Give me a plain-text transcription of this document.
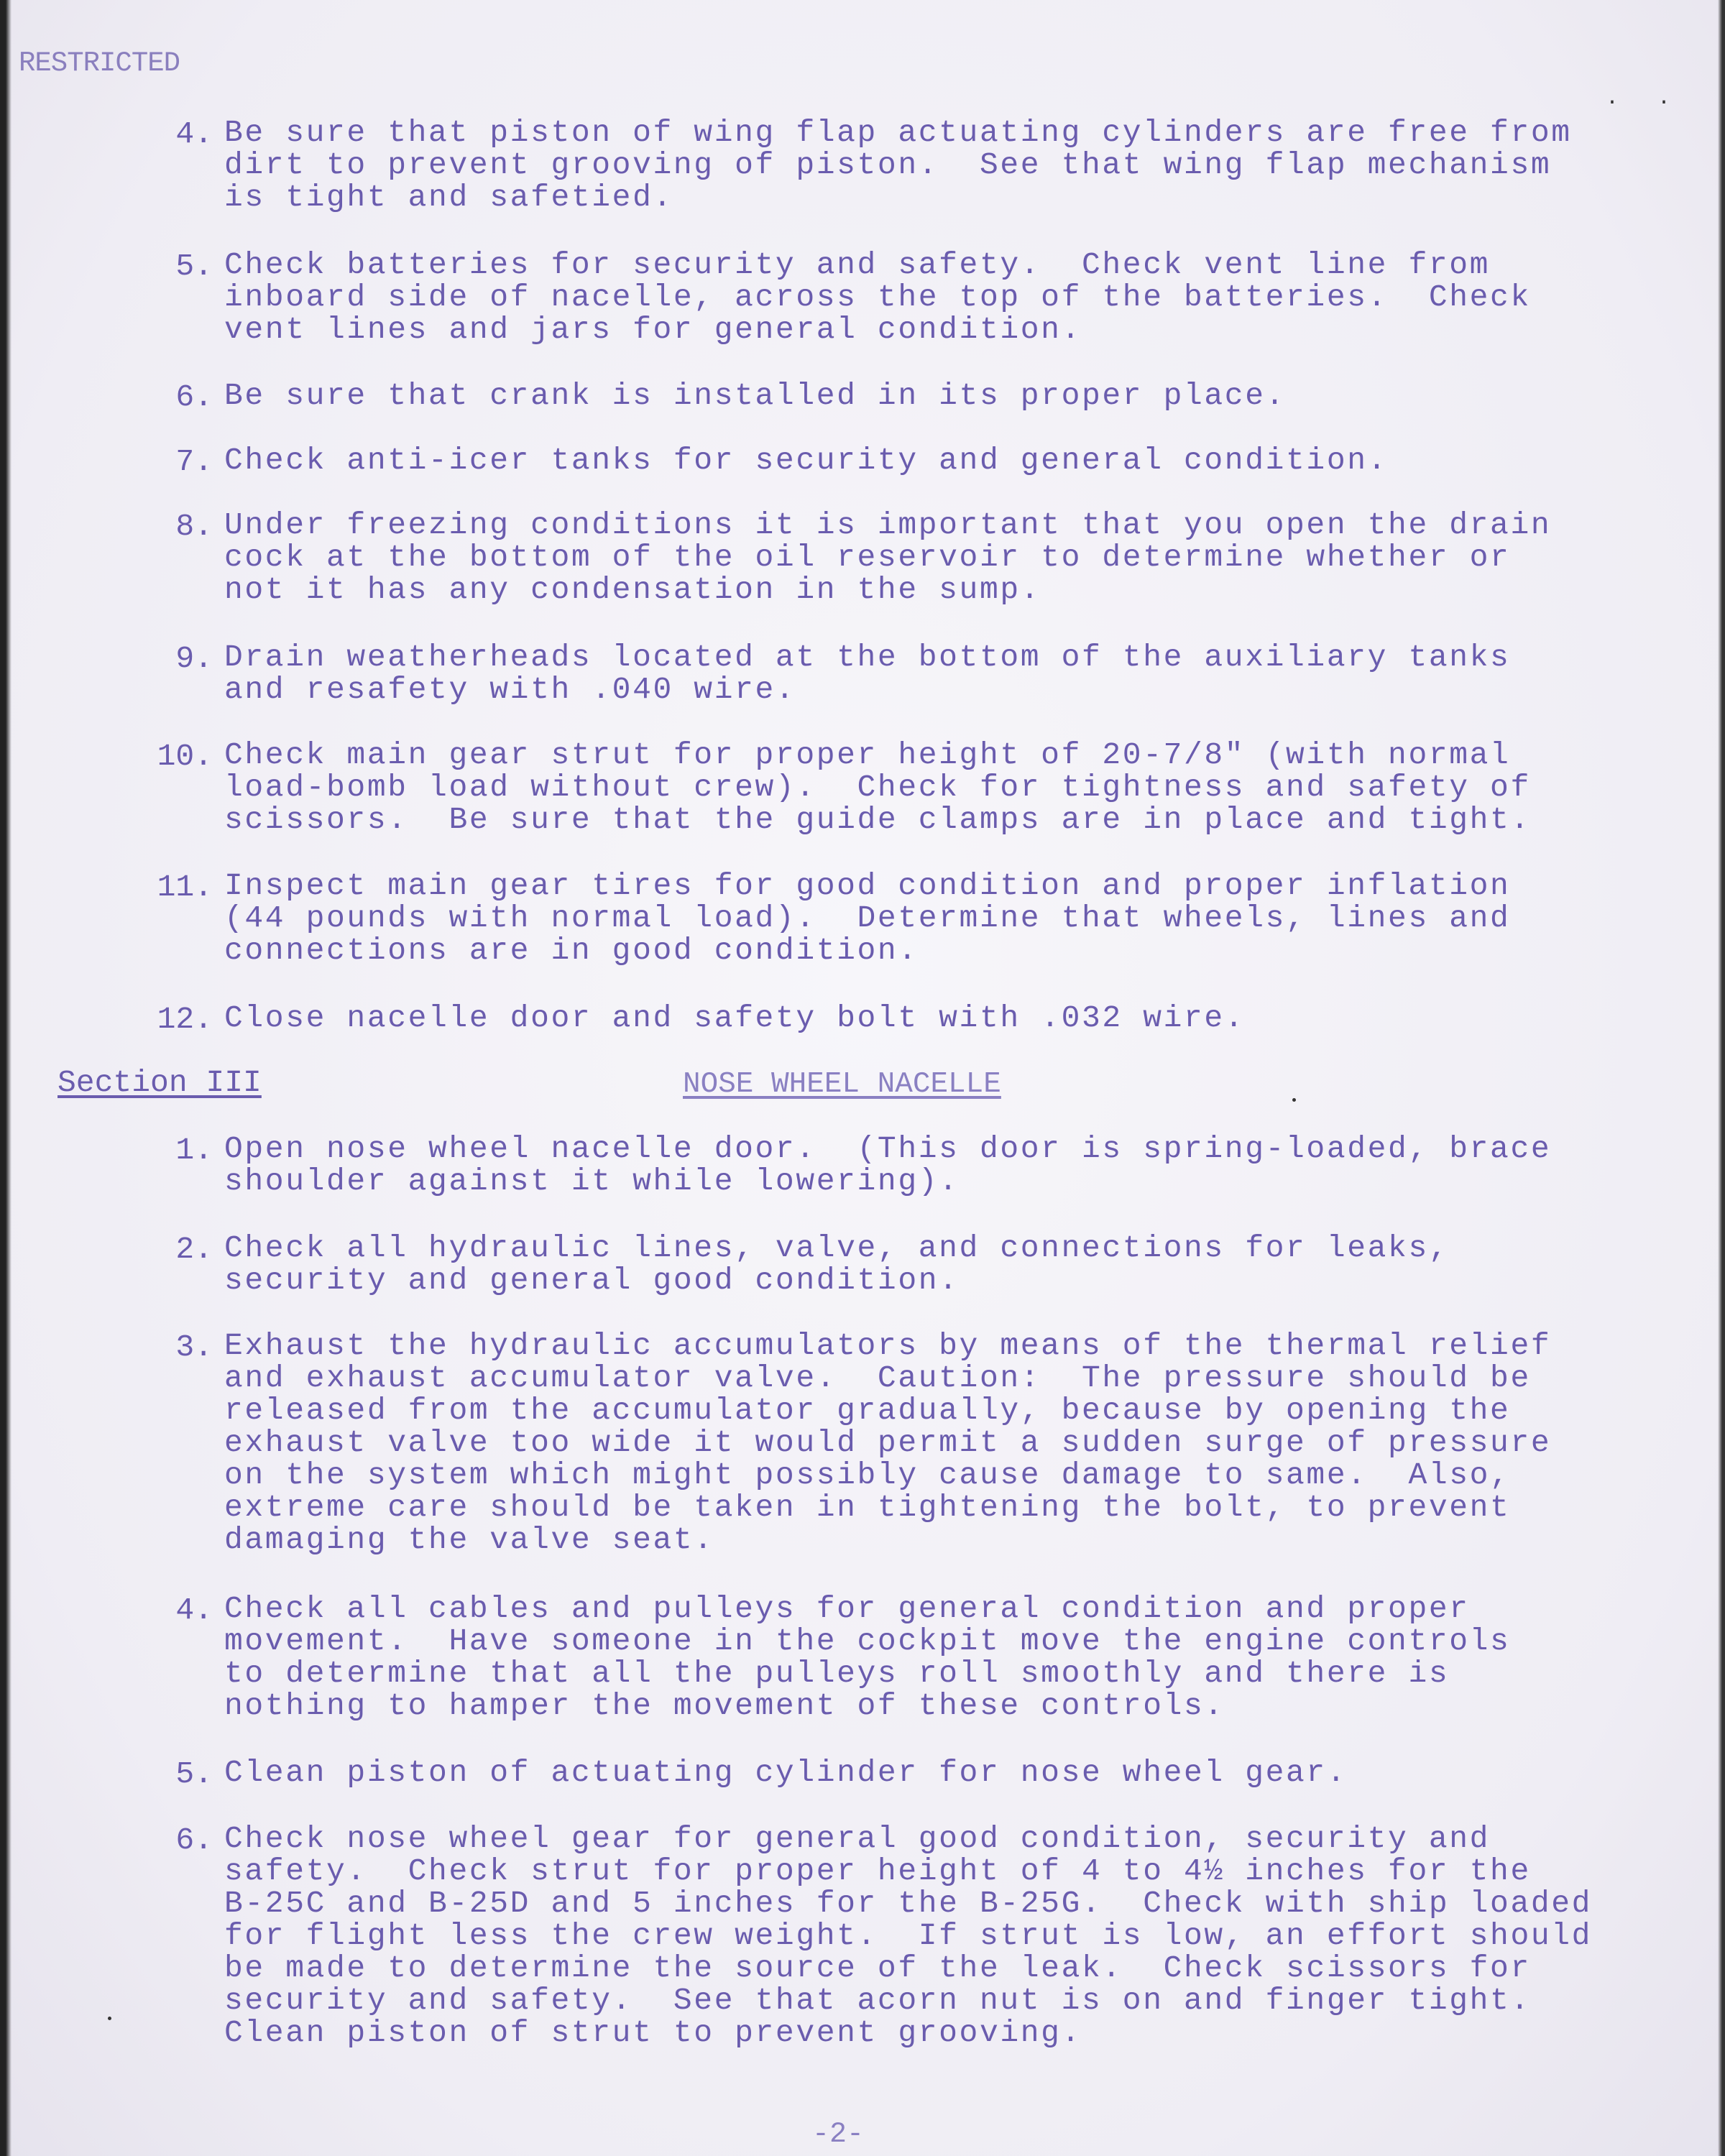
RESTRICTED
· ·
4. Be sure that piston of wing flap actuating cylinders are free from
dirt to prevent grooving of piston.  See that wing flap mechanism
is tight and safetied.
5. Check batteries for security and safety.  Check vent line from
inboard side of nacelle, across the top of the batteries.  Check
vent lines and jars for general condition.
6. Be sure that crank is installed in its proper place.
7. Check anti-icer tanks for security and general condition.
8. Under freezing conditions it is important that you open the drain
cock at the bottom of the oil reservoir to determine whether or
not it has any condensation in the sump.
9. Drain weatherheads located at the bottom of the auxiliary tanks
and resafety with .040 wire.
10. Check main gear strut for proper height of 20-7/8" (with normal
load-bomb load without crew).  Check for tightness and safety of
scissors.  Be sure that the guide clamps are in place and tight.
11. Inspect main gear tires for good condition and proper inflation
(44 pounds with normal load).  Determine that wheels, lines and
connections are in good condition.
12. Close nacelle door and safety bolt with .032 wire.
Section III	NOSE WHEEL NACELLE
1. Open nose wheel nacelle door.  (This door is spring-loaded, brace
shoulder against it while lowering).
2. Check all hydraulic lines, valve, and connections for leaks,
security and general good condition.
3. Exhaust the hydraulic accumulators by means of the thermal relief
and exhaust accumulator valve.  Caution:  The pressure should be
released from the accumulator gradually, because by opening the
exhaust valve too wide it would permit a sudden surge of pressure
on the system which might possibly cause damage to same.  Also,
extreme care should be taken in tightening the bolt, to prevent
damaging the valve seat.
4. Check all cables and pulleys for general condition and proper
movement.  Have someone in the cockpit move the engine controls
to determine that all the pulleys roll smoothly and there is
nothing to hamper the movement of these controls.
5. Clean piston of actuating cylinder for nose wheel gear.
6. Check nose wheel gear for general good condition, security and
safety.  Check strut for proper height of 4 to 4½ inches for the
B-25C and B-25D and 5 inches for the B-25G.  Check with ship loaded
for flight less the crew weight.  If strut is low, an effort should
be made to determine the source of the leak.  Check scissors for
security and safety.  See that acorn nut is on and finger tight.
Clean piston of strut to prevent grooving.
-2-
